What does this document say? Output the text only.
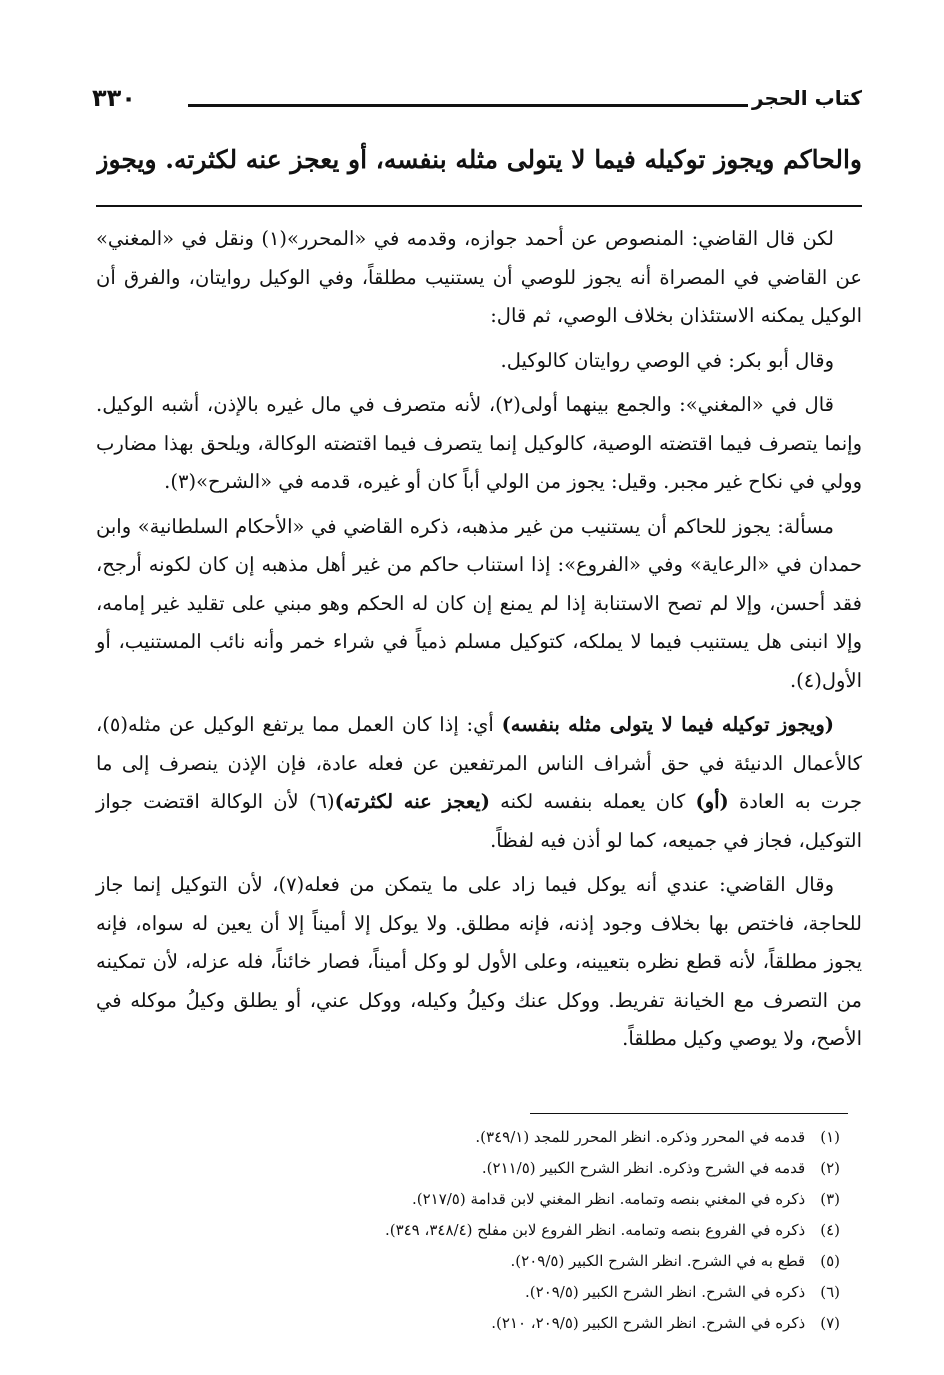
كتاب الحجر
٣٣٠
والحاكم ويجوز توكيله فيما لا يتولى مثله بنفسه، أو يعجز عنه لكثرته. ويجوز

لكن قال القاضي: المنصوص عن أحمد جوازه، وقدمه في «المحرر»(١) ونقل في «المغني» عن القاضي في المصراة أنه يجوز للوصي أن يستنيب مطلقاً، وفي الوكيل روايتان، والفرق أن الوكيل يمكنه الاستئذان بخلاف الوصي، ثم قال:

وقال أبو بكر: في الوصي روايتان كالوكيل.

قال في «المغني»: والجمع بينهما أولى(٢)، لأنه متصرف في مال غيره بالإذن، أشبه الوكيل. وإنما يتصرف فيما اقتضته الوصية، كالوكيل إنما يتصرف فيما اقتضته الوكالة، ويلحق بهذا مضارب وولي في نكاح غير مجبر. وقيل: يجوز من الولي أباً كان أو غيره، قدمه في «الشرح»(٣).

مسألة: يجوز للحاكم أن يستنيب من غير مذهبه، ذكره القاضي في «الأحكام السلطانية» وابن حمدان في «الرعاية» وفي «الفروع»: إذا استناب حاكم من غير أهل مذهبه إن كان لكونه أرجح، فقد أحسن، وإلا لم تصح الاستنابة إذا لم يمنع إن كان له الحكم وهو مبني على تقليد غير إمامه، وإلا انبنى هل يستنيب فيما لا يملكه، كتوكيل مسلم ذمياً في شراء خمر وأنه نائب المستنيب، أو الأول(٤).

(ويجوز توكيله فيما لا يتولى مثله بنفسه) أي: إذا كان العمل مما يرتفع الوكيل عن مثله(٥)، كالأعمال الدنيئة في حق أشراف الناس المرتفعين عن فعله عادة، فإن الإذن ينصرف إلى ما جرت به العادة (أو) كان يعمله بنفسه لكنه (يعجز عنه لكثرته)(٦) لأن الوكالة اقتضت جواز التوكيل، فجاز في جميعه، كما لو أذن فيه لفظاً.

وقال القاضي: عندي أنه يوكل فيما زاد على ما يتمكن من فعله(٧)، لأن التوكيل إنما جاز للحاجة، فاختص بها بخلاف وجود إذنه، فإنه مطلق. ولا يوكل إلا أميناً إلا أن يعين له سواه، فإنه يجوز مطلقاً، لأنه قطع نظره بتعيينه، وعلى الأول لو وكل أميناً، فصار خائناً، فله عزله، لأن تمكينه من التصرف مع الخيانة تفريط. ووكل عنك وكيلُ وكيله، ووكل عني، أو يطلق وكيلُ موكله في الأصح، ولا يوصي وكيل مطلقاً.

(١) قدمه في المحرر وذكره. انظر المحرر للمجد (٣٤٩/١).
(٢) قدمه في الشرح وذكره. انظر الشرح الكبير (٢١١/٥).
(٣) ذكره في المغني بنصه وتمامه. انظر المغني لابن قدامة (٢١٧/٥).
(٤) ذكره في الفروع بنصه وتمامه. انظر الفروع لابن مفلح (٣٤٨/٤، ٣٤٩).
(٥) قطع به في الشرح. انظر الشرح الكبير (٢٠٩/٥).
(٦) ذكره في الشرح. انظر الشرح الكبير (٢٠٩/٥).
(٧) ذكره في الشرح. انظر الشرح الكبير (٢٠٩/٥، ٢١٠).
